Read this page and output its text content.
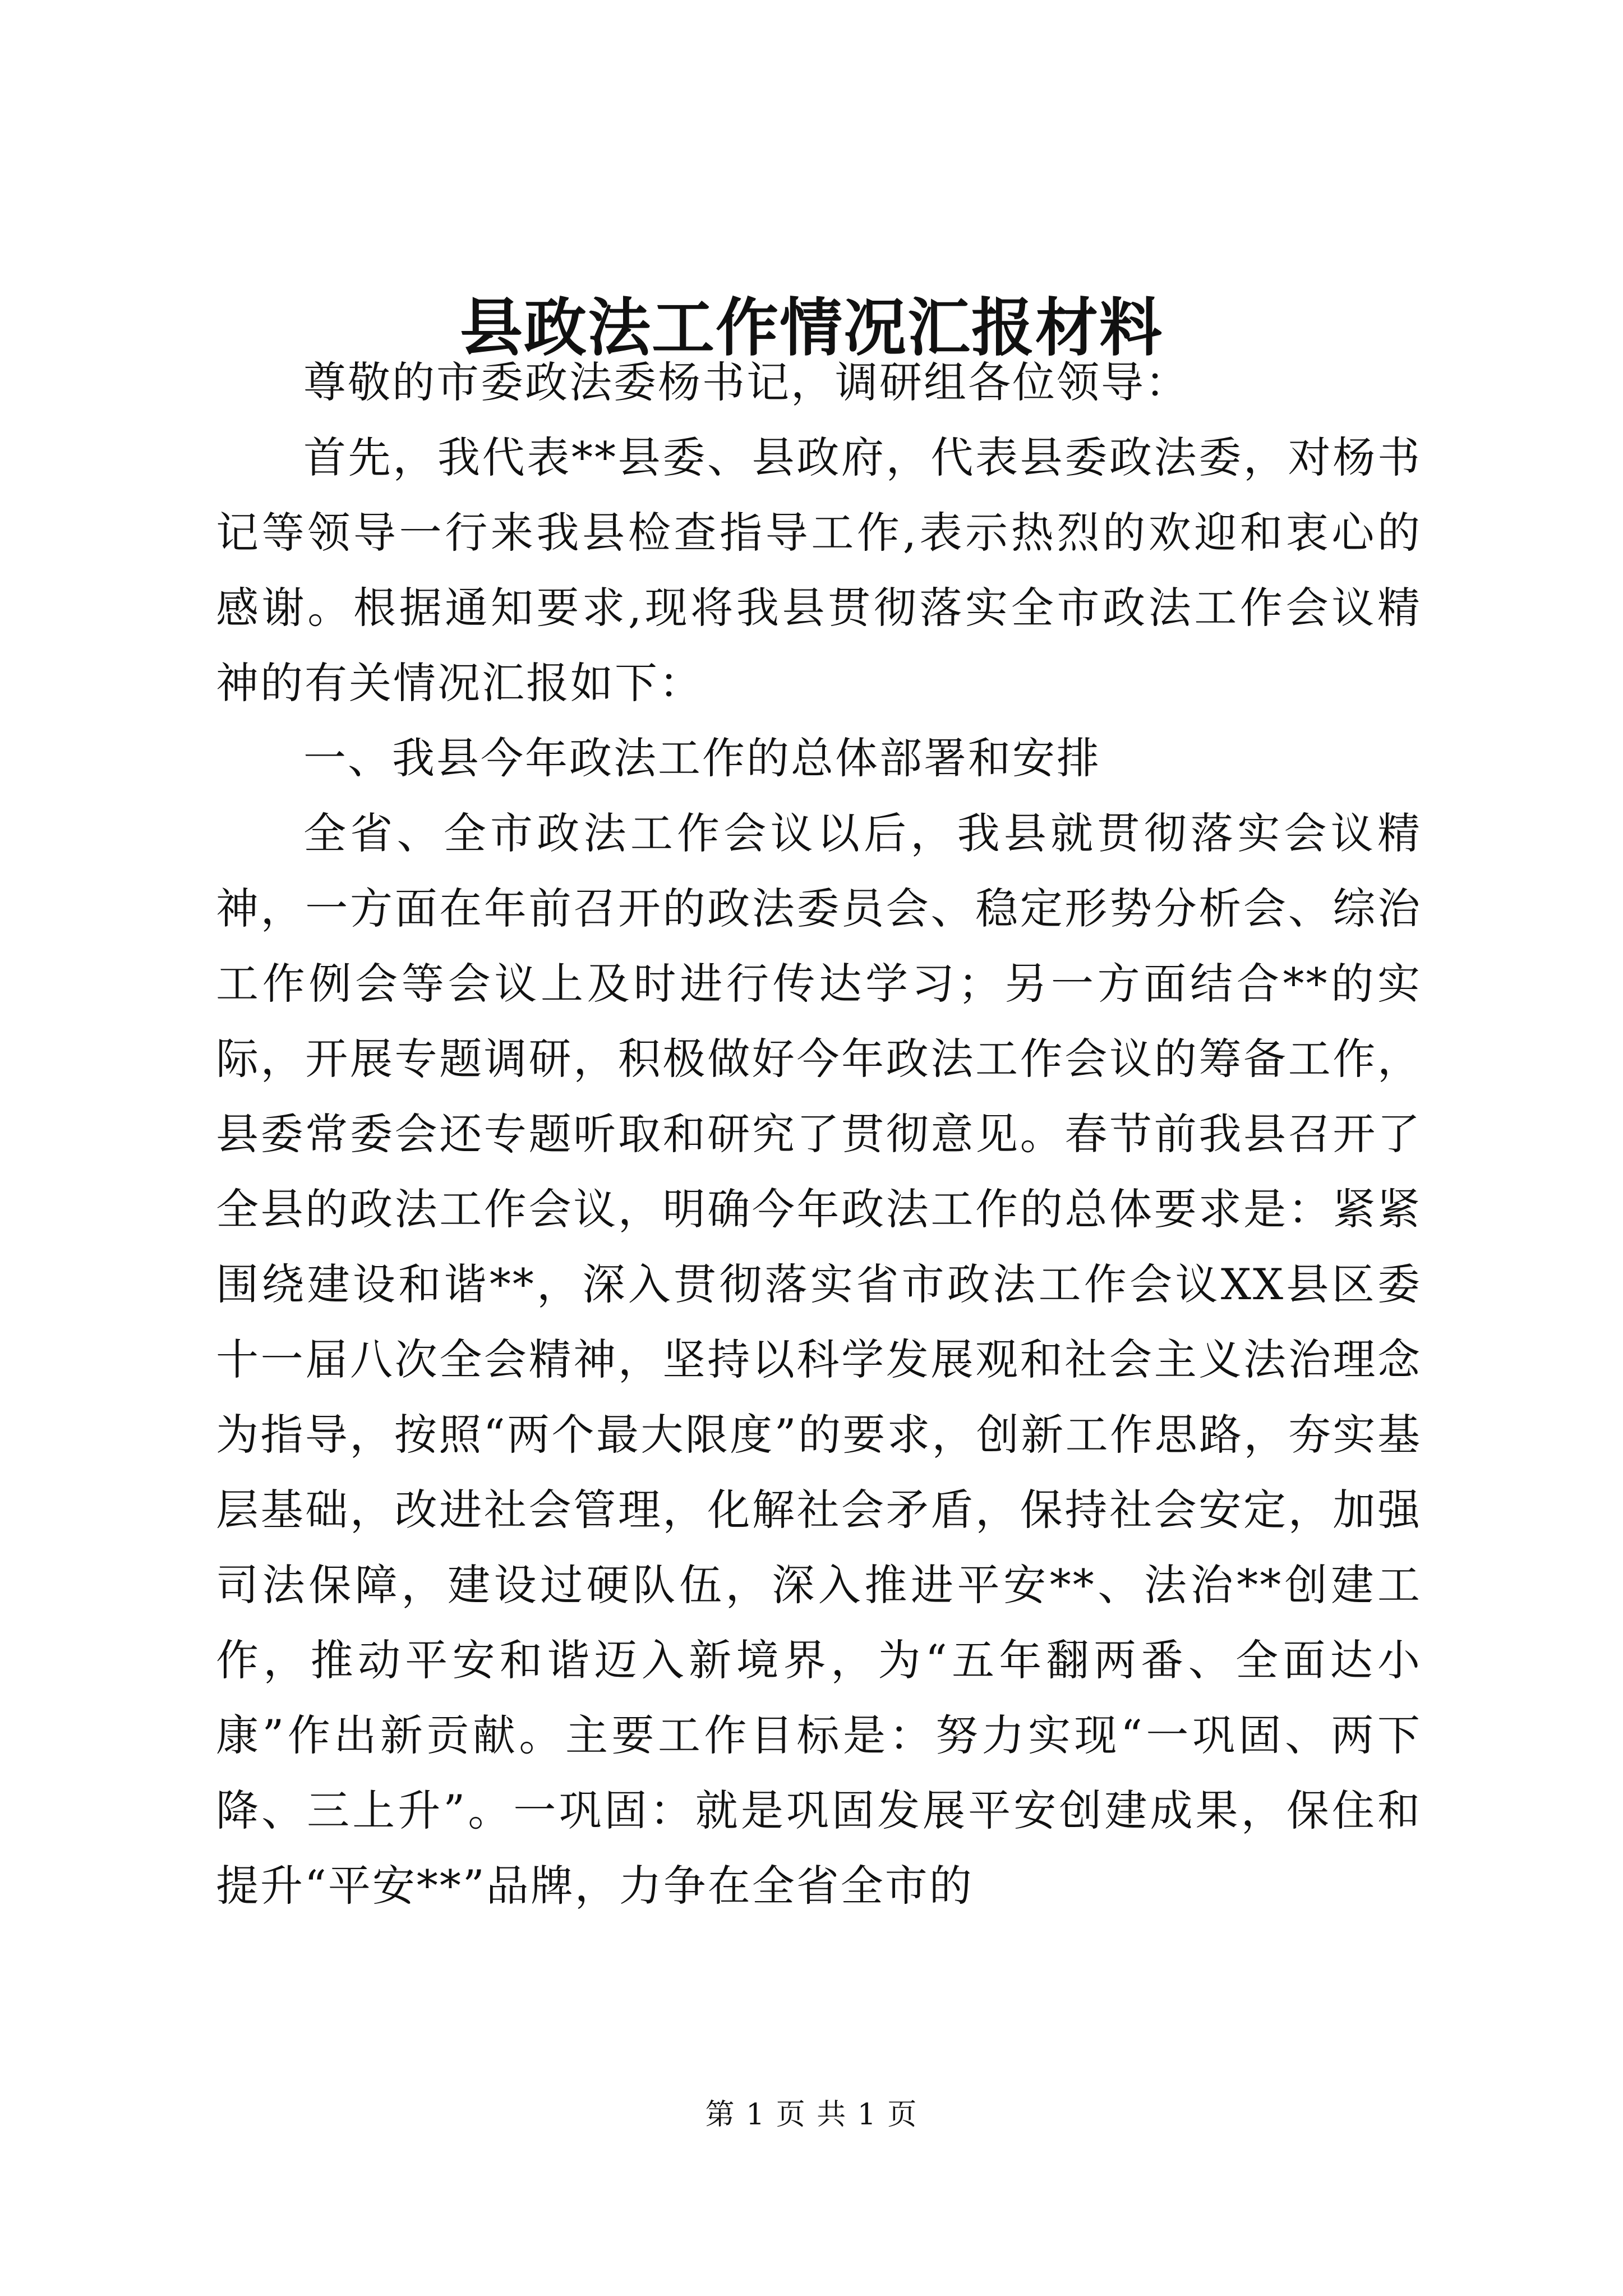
县政法工作情况汇报材料

尊敬的市委政法委杨书记，调研组各位领导：

首先，我代表**县委、县政府，代表县委政法委，对杨书记等领导一行来我县检查指导工作,表示热烈的欢迎和衷心的感谢。根据通知要求,现将我县贯彻落实全市政法工作会议精神的有关情况汇报如下：

一、我县今年政法工作的总体部署和安排

全省、全市政法工作会议以后，我县就贯彻落实会议精神，一方面在年前召开的政法委员会、稳定形势分析会、综治工作例会等会议上及时进行传达学习；另一方面结合**的实际，开展专题调研，积极做好今年政法工作会议的筹备工作，县委常委会还专题听取和研究了贯彻意见。春节前我县召开了全县的政法工作会议，明确今年政法工作的总体要求是：紧紧围绕建设和谐**，深入贯彻落实省市政法工作会议XX县区委十一届八次全会精神，坚持以科学发展观和社会主义法治理念为指导，按照“两个最大限度”的要求，创新工作思路，夯实基层基础，改进社会管理，化解社会矛盾，保持社会安定，加强司法保障，建设过硬队伍，深入推进平安**、法治**创建工作，推动平安和谐迈入新境界，为“五年翻两番、全面达小康”作出新贡献。主要工作目标是：努力实现“一巩固、两下降、三上升”。一巩固：就是巩固发展平安创建成果，保住和提升“平安**”品牌，力争在全省全市的

第 1 页 共 1 页
